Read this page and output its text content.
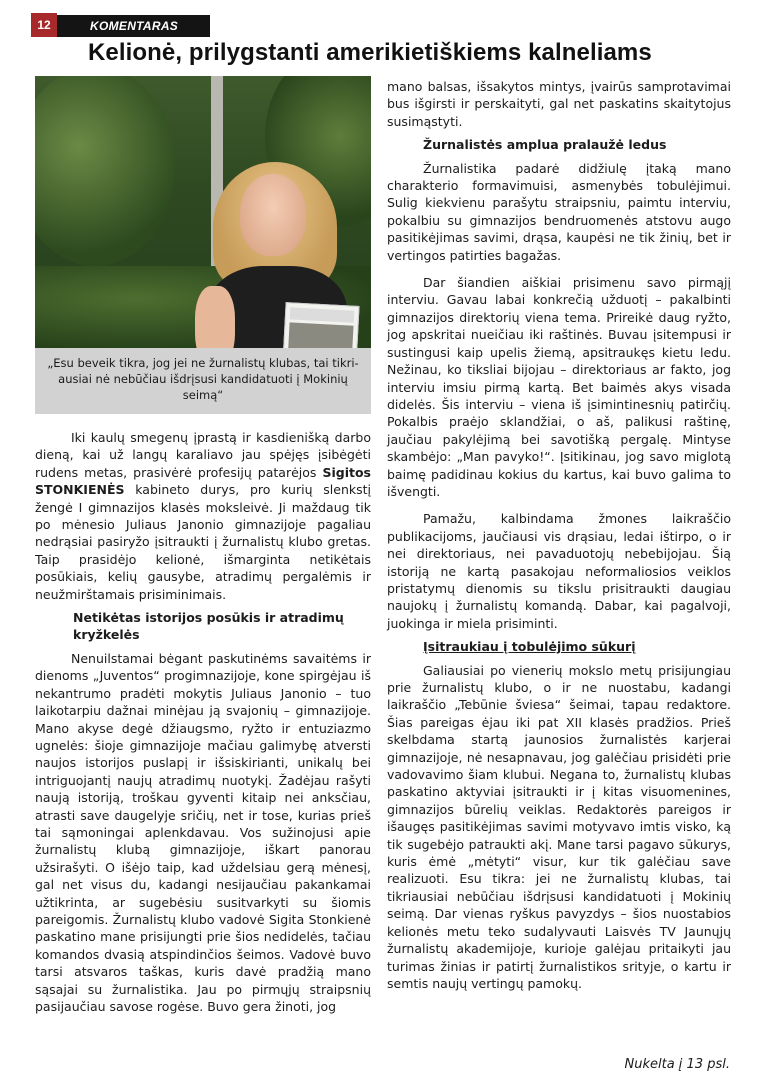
12	KOMENTARAS
Kelionė, prilygstanti amerikietiškiems kalneliams
„Esu beveik tikra, jog jei ne žurnalistų klubas, tai tikri-ausiai nė nebūčiau išdrįsusi kandidatuoti į Mokinių seimą“

Iki kaulų smegenų įprastą ir kasdienišką darbo dieną, kai už langų karaliavo jau spėjęs įsibėgėti rudens metas, prasivėrė profesijų patarėjos Sigitos STONKIENĖS kabineto durys, pro kurių slenkstį žengė I gimnazijos klasės moksleivė. Ji maždaug tik po mėnesio Juliaus Janonio gimnazijoje pagaliau nedrąsiai pasiryžo įsitraukti į žurnalistų klubo gretas. Taip prasidėjo kelionė, išmarginta netikėtais posūkiais, kelių gausybe, atradimų pergalėmis ir neužmirštamais prisiminimais.

Netikėtas istorijos posūkis ir atradimų kryžkelės

Nenuilstamai bėgant paskutinėms savaitėms ir dienoms „Juventos“ progimnazijoje, kone spirgėjau iš nekantrumo pradėti mokytis Juliaus Janonio – tuo laikotarpiu dažnai minėjau ją svajonių – gimnazijoje. Mano akyse degė džiaugsmo, ryžto ir entuziazmo ugnelės: šioje gimnazijoje mačiau galimybę atversti naujos istorijos puslapį ir išsiskirianti, unikalų bei intriguojantį naujų atradimų nuotykį. Žadėjau rašyti naują istoriją, troškau gyventi kitaip nei anksčiau, atrasti save daugelyje sričių, net ir tose, kurias prieš tai sąmoningai aplenkdavau. Vos sužinojusi apie žurnalistų klubą gimnazijoje, iškart panorau užsirašyti. O išėjo taip, kad uždelsiau gerą mėnesį, gal net visus du, kadangi nesijaučiau pakankamai užtikrinta, ar sugebėsiu susitvarkyti su šiomis pareigomis. Žurnalistų klubo vadovė Sigita Stonkienė paskatino mane prisijungti prie šios nedidelės, tačiau komandos dvasią atspindinčios šeimos. Vadovė buvo tarsi atsvaros taškas, kuris davė pradžią mano sąsajai su žurnalistika. Jau po pirmųjų straipsnių pasijaučiau savose rogėse. Buvo gera žinoti, jog

mano balsas, išsakytos mintys, įvairūs samprotavimai bus išgirsti ir perskaityti, gal net paskatins skaitytojus susimąstyti.

Žurnalistės amplua pralaužė ledus

Žurnalistika padarė didžiulę įtaką mano charakterio formavimuisi, asmenybės tobulėjimui. Sulig kiekvienu parašytu straipsniu, paimtu interviu, pokalbiu su gimnazijos bendruomenės atstovu augo pasitikėjimas savimi, drąsa, kaupėsi ne tik žinių, bet ir vertingos patirties bagažas.

Dar šiandien aiškiai prisimenu savo pirmąjį interviu. Gavau labai konkrečią užduotį – pakalbinti gimnazijos direktorių viena tema. Prireikė daug ryžto, jog apskritai nueičiau iki raštinės. Buvau įsitempusi ir sustingusi kaip upelis žiemą, apsitraukęs kietu ledu. Nežinau, ko tiksliai bijojau – direktoriaus ar fakto, jog interviu imsiu pirmą kartą. Bet baimės akys visada didelės. Šis interviu – viena iš įsimintinesnių patirčių. Pokalbis praėjo sklandžiai, o aš, palikusi raštinę, jaučiau pakylėjimą bei savotišką pergalę. Mintyse skambėjo: „Man pavyko!“. Įsitikinau, jog savo miglotą baimę padidinau kokius du kartus, kai buvo galima to išvengti.

Pamažu, kalbindama žmones laikraščio publikacijoms, jaučiausi vis drąsiau, ledai ištirpo, o ir nei direktoriaus, nei pavaduotojų nebebijojau. Šią istoriją ne kartą pasakojau neformaliosios veiklos pristatymų dienomis su tikslu prisitraukti daugiau naujokų į žurnalistų komandą. Dabar, kai pagalvoji, juokinga ir miela prisiminti.

Įsitraukiau į tobulėjimo sūkurį

Galiausiai po vienerių mokslo metų prisijungiau prie žurnalistų klubo, o ir ne nuostabu, kadangi laikraščio „Tebūnie šviesa“ šeimai, tapau redaktore. Šias pareigas ėjau iki pat XII klasės pradžios. Prieš skelbdama startą jaunosios žurnalistės karjerai gimnazijoje, nė nesapnavau, jog galėčiau prisidėti prie vadovavimo šiam klubui. Negana to, žurnalistų klubas paskatino aktyviai įsitraukti ir į kitas visuomenines, gimnazijos būrelių veiklas. Redaktorės pareigos ir išaugęs pasitikėjimas savimi motyvavo imtis visko, ką tik sugebėjo patraukti akį. Mane tarsi pagavo sūkurys, kuris ėmė „mėtyti“ visur, kur tik galėčiau save realizuoti. Esu tikra: jei ne žurnalistų klubas, tai tikriausiai nebūčiau išdrįsusi kandidatuoti į Mokinių seimą. Dar vienas ryškus pavyzdys – šios nuostabios kelionės metu teko sudalyvauti Laisvės TV Jaunųjų žurnalistų akademijoje, kurioje galėjau pritaikyti jau turimas žinias ir patirtį žurnalistikos srityje, o kartu ir semtis naujų vertingų pamokų.

Nukelta į 13 psl.
